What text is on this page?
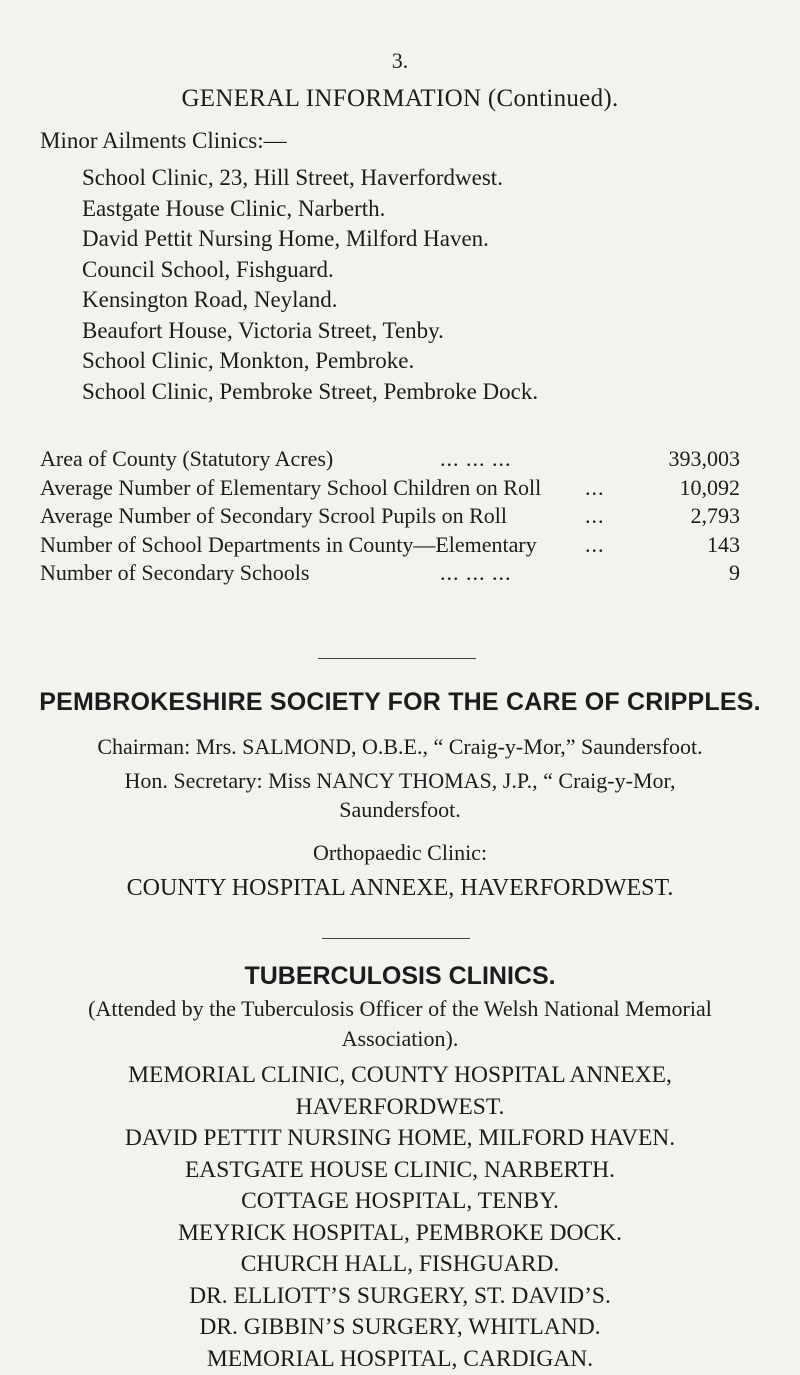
3.
GENERAL INFORMATION (Continued).
Minor Ailments Clinics:—
School Clinic, 23, Hill Street, Haverfordwest.
Eastgate House Clinic, Narberth.
David Pettit Nursing Home, Milford Haven.
Council School, Fishguard.
Kensington Road, Neyland.
Beaufort House, Victoria Street, Tenby.
School Clinic, Monkton, Pembroke.
School Clinic, Pembroke Street, Pembroke Dock.
Area of County (Statutory Acres)	... ... ...	393,003
Average Number of Elementary School Children on Roll ...	10,092
Average Number of Secondary Scrool Pupils on Roll	...	2,793
Number of School Departments in County—Elementary ...	143
Number of Secondary Schools	... ... ...	9
PEMBROKESHIRE SOCIETY FOR THE CARE OF CRIPPLES.
Chairman: Mrs. SALMOND, O.B.E., “ Craig-y-Mor,” Saundersfoot.
Hon. Secretary: Miss NANCY THOMAS, J.P., “ Craig-y-Mor,
Saundersfoot.
Orthopaedic Clinic:
COUNTY HOSPITAL ANNEXE, HAVERFORDWEST.
TUBERCULOSIS CLINICS.
(Attended by the Tuberculosis Officer of the Welsh National Memorial
Association).
MEMORIAL CLINIC, COUNTY HOSPITAL ANNEXE,
HAVERFORDWEST.
DAVID PETTIT NURSING HOME, MILFORD HAVEN.
EASTGATE HOUSE CLINIC, NARBERTH.
COTTAGE HOSPITAL, TENBY.
MEYRICK HOSPITAL, PEMBROKE DOCK.
CHURCH HALL, FISHGUARD.
DR. ELLIOTT’S SURGERY, ST. DAVID’S.
DR. GIBBIN’S SURGERY, WHITLAND.
MEMORIAL HOSPITAL, CARDIGAN.
